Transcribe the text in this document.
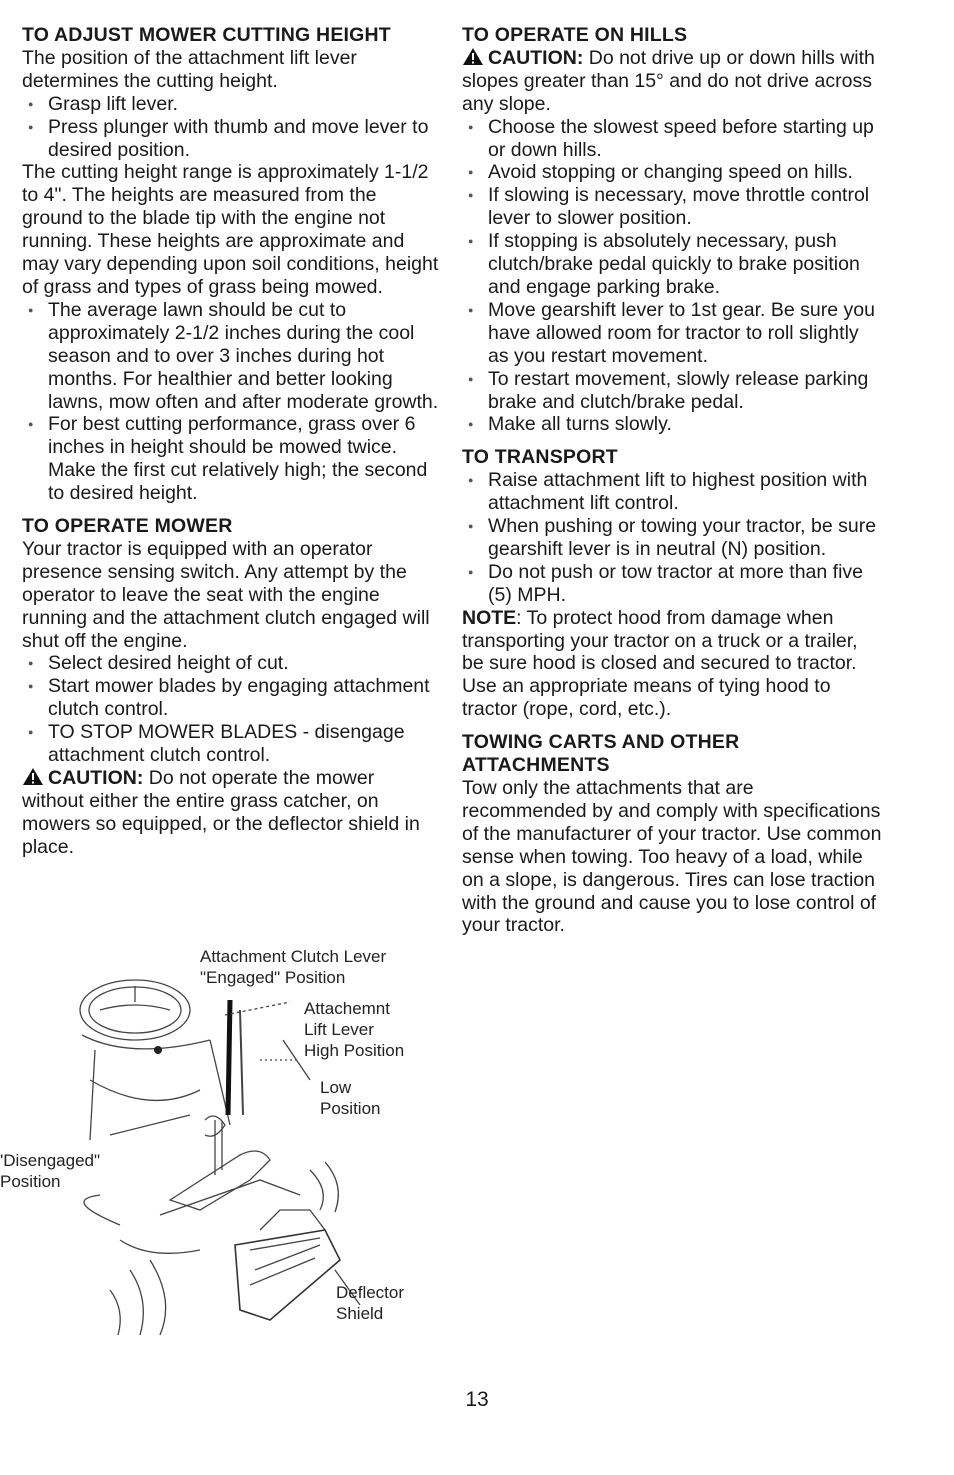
TO ADJUST MOWER CUTTING HEIGHT

The position of the attachment lift lever determines the cutting height.

● Grasp lift lever.
● Press plunger with thumb and move lever to desired position.

The cutting height range is approximately 1-1/2 to 4". The heights are measured from the ground to the blade tip with the engine not running. These heights are approximate and may vary depending upon soil conditions, height of grass and types of grass being mowed.

● The average lawn should be cut to approximately 2-1/2 inches during the cool season and to over 3 inches during hot months. For healthier and better looking lawns, mow often and after moderate growth.
● For best cutting performance, grass over 6 inches in height should be mowed twice. Make the first cut relatively high; the second to desired height.
TO OPERATE MOWER

Your tractor is equipped with an operator presence sensing switch. Any attempt by the operator to leave the seat with the engine running and the attachment clutch engaged will shut off the engine.

● Select desired height of cut.
● Start mower blades by engaging attachment clutch control.
● TO STOP MOWER BLADES - disengage attachment clutch control.

CAUTION: Do not operate the mower without either the entire grass catcher, on mowers so equipped, or the deflector shield in place.

Attachment Clutch Lever
"Engaged" Position
Attachemnt
Lift Lever
High Position
Low
Position
'Disengaged"
Position
Deflector
Shield
TO OPERATE ON HILLS

CAUTION: Do not drive up or down hills with slopes greater than 15° and do not drive across any slope.

● Choose the slowest speed before starting up or down hills.
● Avoid stopping or changing speed on hills.
● If slowing is necessary, move throttle control lever to slower position.
● If stopping is absolutely necessary, push clutch/brake pedal quickly to brake position and engage parking brake.
● Move gearshift lever to 1st gear. Be sure you have allowed room for tractor to roll slightly as you restart movement.
● To restart movement, slowly release parking brake and clutch/brake pedal.
● Make all turns slowly.
TO TRANSPORT
● Raise attachment lift to highest position with attachment lift control.
● When pushing or towing your tractor, be sure gearshift lever is in neutral (N) position.
● Do not push or tow tractor at more than five (5) MPH.

NOTE: To protect hood from damage when transporting your tractor on a truck or a trailer, be sure hood is closed and secured to tractor. Use an appropriate means of tying hood to tractor (rope, cord, etc.).

TOWING CARTS AND OTHER ATTACHMENTS

Tow only the attachments that are recommended by and comply with specifications of the manufacturer of your tractor. Use common sense when towing. Too heavy of a load, while on a slope, is dangerous. Tires can lose traction with the ground and cause you to lose control of your tractor.

13
